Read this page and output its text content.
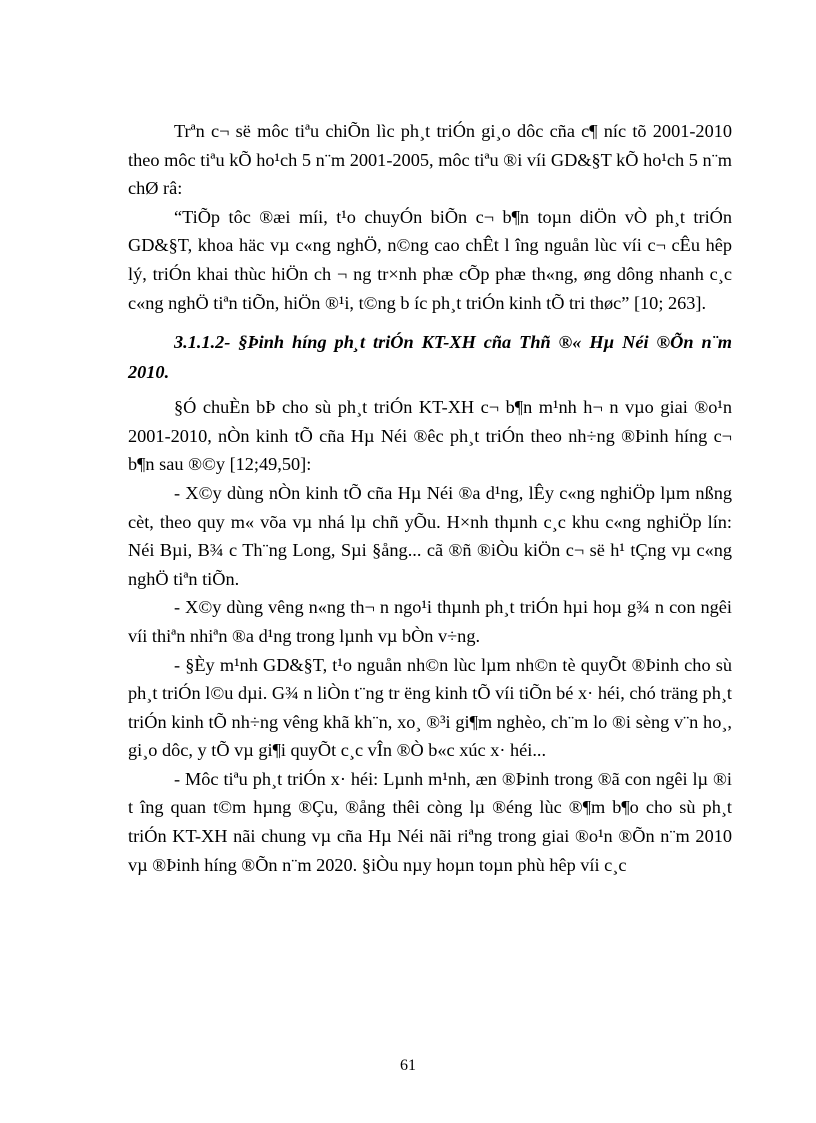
Trªn c¬ së môc tiªu chiÕn lìc ph¸t triÓn gi¸o dôc cña c¶ níc tõ 2001-2010 theo môc tiªu kÕ ho¹ch 5 n¨m 2001-2005, môc tiªu ®i víi GD&§T kÕ ho¹ch 5 n¨m chØ râ:

“TiÕp tôc ®æi míi, t¹o chuyÓn biÕn c¬ b¶n toµn diÖn vÒ ph¸t triÓn GD&§T, khoa häc vµ c«ng nghÖ, n©ng cao chÊt l îng nguån lùc víi c¬ cÊu hêp lý, triÓn khai thùc hiÖn ch ¬ ng tr×nh phæ cÕp phæ th«ng, øng dông nhanh c¸c c«ng nghÖ tiªn tiÕn, hiÖn ®¹i, t©ng b íc ph¸t triÓn kinh tÕ tri thøc” [10; 263].

3.1.1.2- §Þinh híng ph¸t triÓn KT-XH cña Thñ ®« Hµ Néi ®Õn n¨m 2010.

§Ó chuÈn bÞ cho sù ph¸t triÓn KT-XH c¬ b¶n m¹nh h¬ n vµo giai ®o¹n 2001-2010, nÒn kinh tÕ cña Hµ Néi ®êc ph¸t triÓn theo nh÷ng ®Þinh híng c¬ b¶n sau ®©y [12;49,50]:

- X©y dùng nÒn kinh tÕ cña Hµ Néi ®a d¹ng, lÊy c«ng nghiÖp lµm nßng cèt, theo quy m« võa vµ nhá lµ chñ yÕu. H×nh thµnh c¸c khu c«ng nghiÖp lín: Néi Bµi, B¾ c Th¨ng Long, Sµi §ång... cã ®ñ ®iÒu kiÖn c¬ së h¹ tÇng vµ c«ng nghÖ tiªn tiÕn.

- X©y dùng vêng n«ng th¬ n ngo¹i thµnh ph¸t triÓn hµi hoµ g¾ n con ngêi víi thiªn nhiªn ®a d¹ng trong lµnh vµ bÒn v÷ng.

- §Èy m¹nh GD&§T, t¹o nguån nh©n lùc lµm nh©n tè quyÕt ®Þinh cho sù ph¸t triÓn l©u dµi. G¾ n liÒn t¨ng tr ëng kinh tÕ víi tiÕn bé x· héi, chó träng ph¸t triÓn kinh tÕ nh÷ng vêng khã kh¨n, xo¸ ®³i gi¶m nghèo, ch¨m lo ®i sèng v¨n ho¸, gi¸o dôc, y tÕ vµ gi¶i quyÕt c¸c vÎn ®Ò b«c xúc x· héi...

- Môc tiªu ph¸t triÓn x· héi: Lµnh m¹nh, æn ®Þinh trong ®ã con ngêi lµ ®i t îng quan t©m hµng ®Çu, ®ång thêi còng lµ ®éng lùc ®¶m b¶o cho sù ph¸t triÓn KT-XH nãi chung vµ cña Hµ Néi nãi riªng trong giai ®o¹n ®Õn n¨m 2010 vµ ®Þinh híng ®Õn n¨m 2020. §iÒu nµy hoµn toµn phù hêp víi c¸c

61
